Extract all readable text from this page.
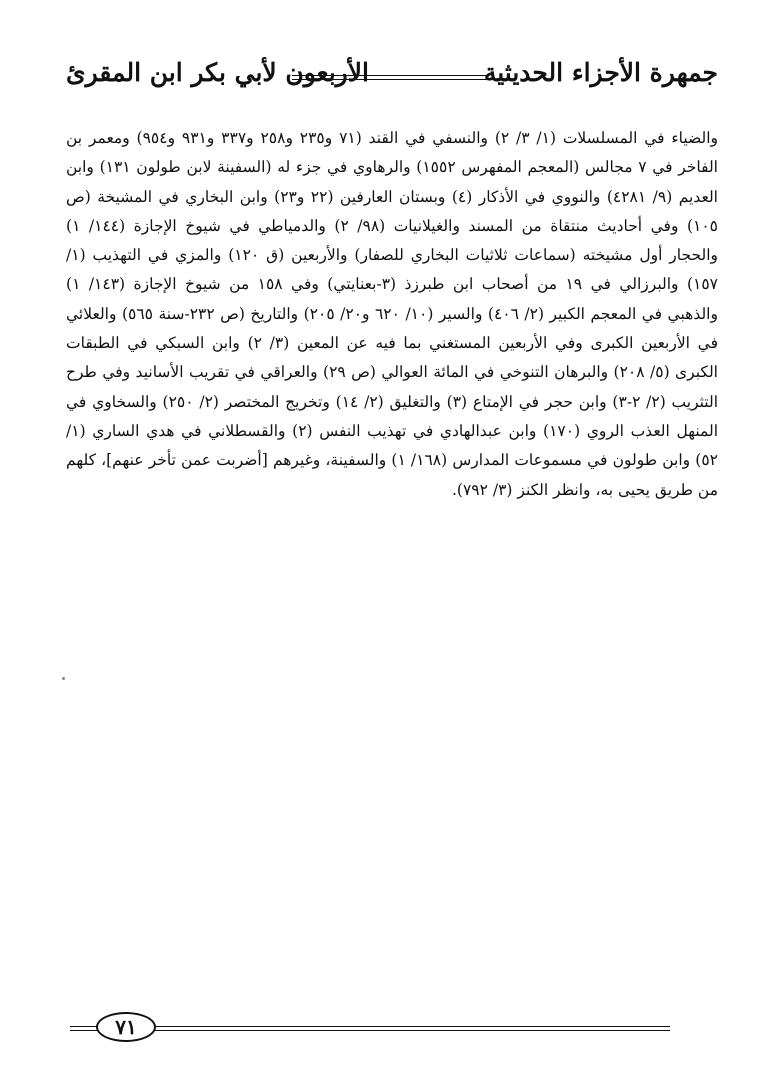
جمهرة الأجزاء الحديثية
الأربعون لأبي بكر ابن المقرئ

والضياء في المسلسلات (١/ ٣/ ٢) والنسفي في القند (٧١ و٢٣٥ و٢٥٨ و٣٣٧ و٩٣١ و٩٥٤) ومعمر بن الفاخر في ٧ مجالس (المعجم المفهرس ١٥٥٢) والرهاوي في جزء له (السفينة لابن طولون ١٣١) وابن العديم (٩/ ٤٢٨١) والنووي في الأذكار (٤) وبستان العارفين (٢٢ و٢٣) وابن البخاري في المشيخة (ص ١٠٥) وفي أحاديث منتقاة من المسند والغيلانيات (٩٨/ ٢) والدمياطي في شيوخ الإجازة (١٤٤/ ١) والحجار أول مشيخته (سماعات ثلاثيات البخاري للصفار) والأربعين (ق ١٢٠) والمزي في التهذيب (١/ ١٥٧) والبرزالي في ١٩ من أصحاب ابن طبرزذ (٣-بعنايتي) وفي ١٥٨ من شيوخ الإجازة (١٤٣/ ١) والذهبي في المعجم الكبير (٢/ ٤٠٦) والسير (١٠/ ٦٢٠ و٢٠/ ٢٠٥) والتاريخ (ص ٢٣٢-سنة ٥٦٥) والعلائي في الأربعين الكبرى وفي الأربعين المستغني بما فيه عن المعين (٣/ ٢) وابن السبكي في الطبقات الكبرى (٥/ ٢٠٨) والبرهان التنوخي في المائة العوالي (ص ٢٩) والعراقي في تقريب الأسانيد وفي طرح التثريب (٢/ ٢-٣) وابن حجر في الإمتاع (٣) والتغليق (٢/ ١٤) وتخريج المختصر (٢/ ٢٥٠) والسخاوي في المنهل العذب الروي (١٧٠) وابن عبدالهادي في تهذيب النفس (٢) والقسطلاني في هدي الساري (١/ ٥٢) وابن طولون في مسموعات المدارس (١٦٨/ ١) والسفينة، وغيرهم [أضربت عمن تأخر عنهم]، كلهم من طريق يحيى به، وانظر الكنز (٣/ ٧٩٢).

٧١
